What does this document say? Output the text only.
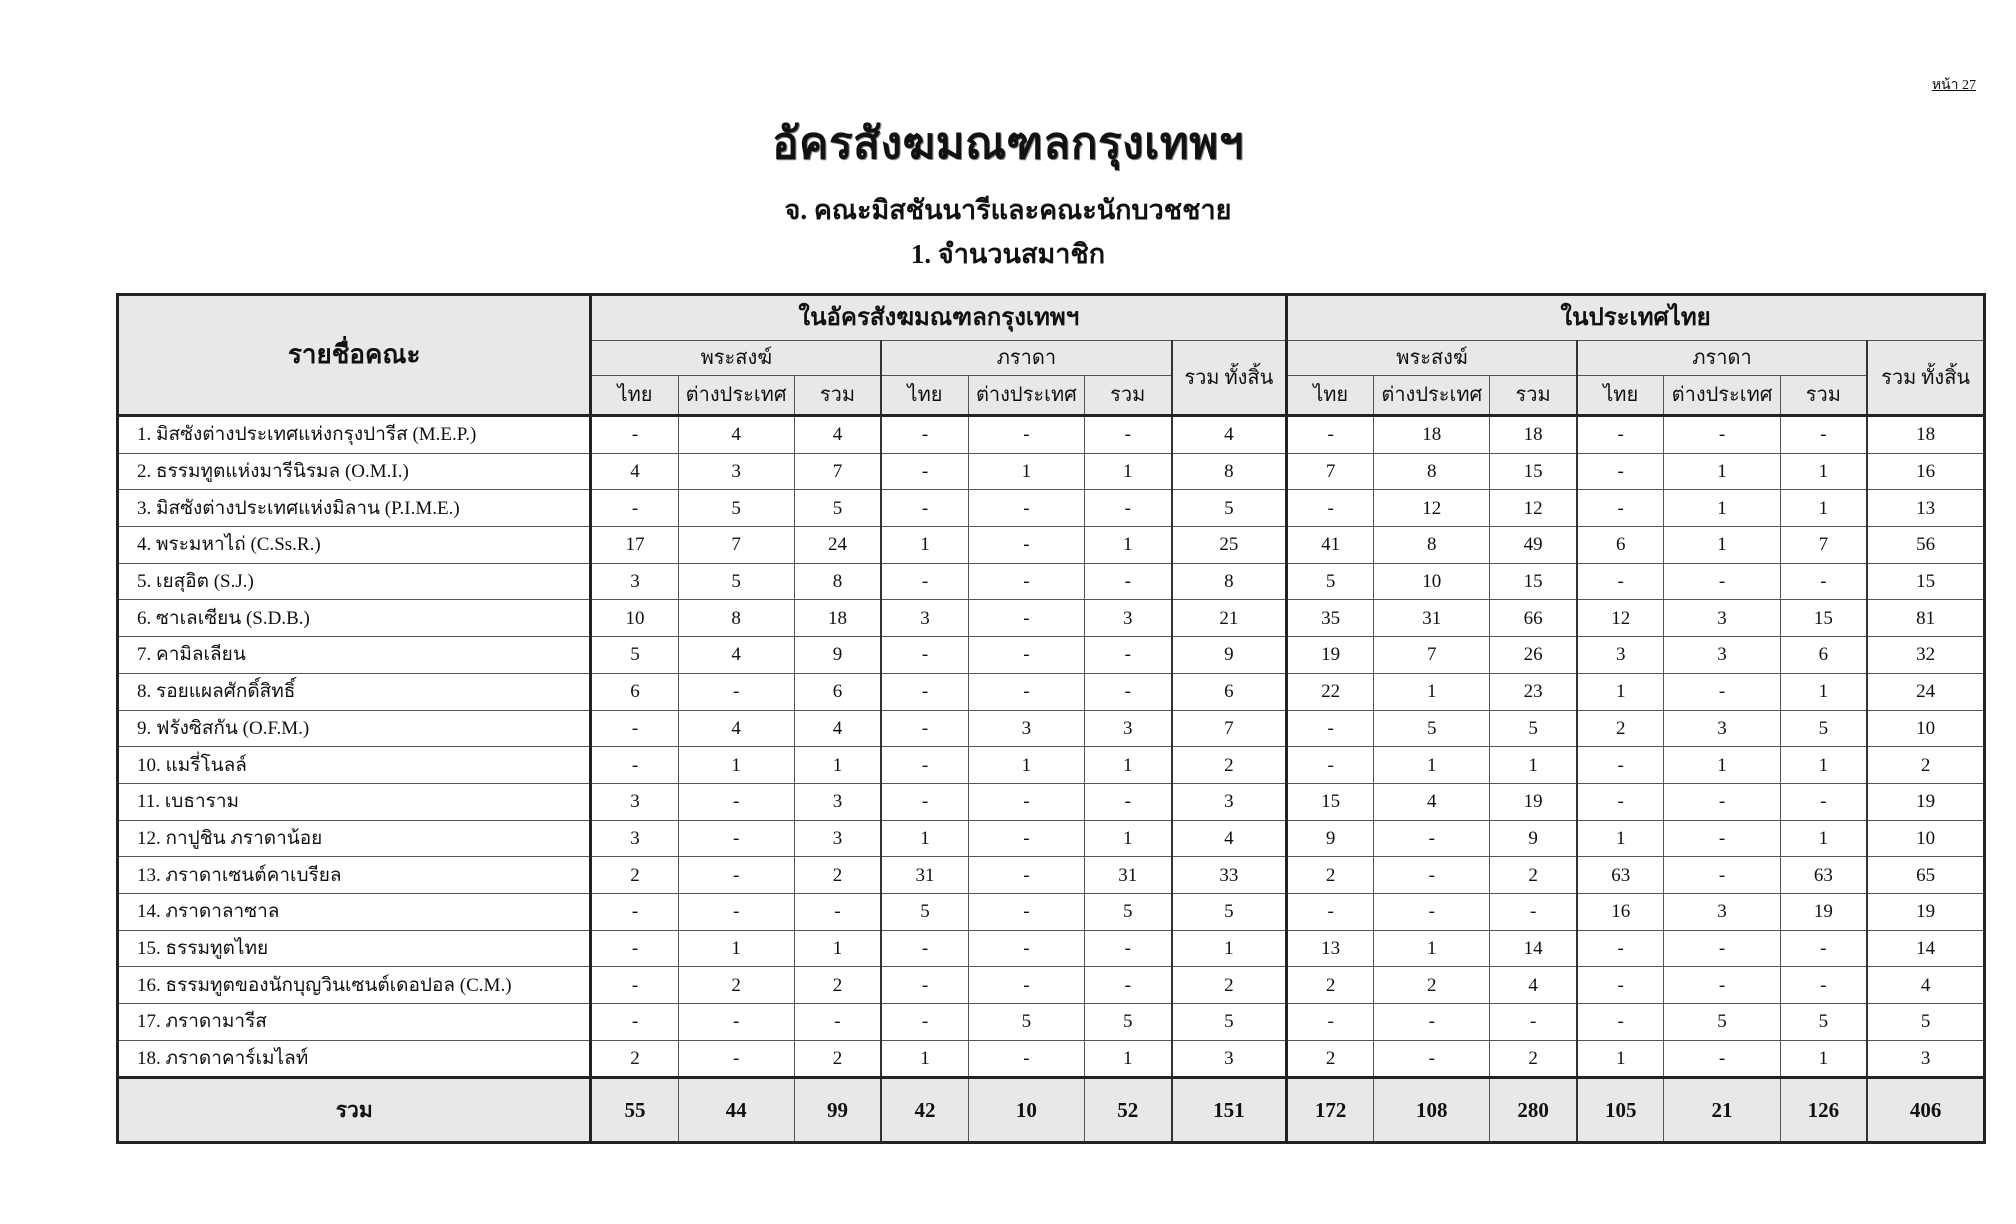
หน้า 27
อัครสังฆมณฑลกรุงเทพฯ
จ. คณะมิสชันนารีและคณะนักบวชชาย
1. จำนวนสมาชิก
รายชื่อคณะ	ในอัครสังฆมณฑลกรุงเทพฯ							ในประเทศไทย						
	พระสงฆ์			ภราดา			รวม ทั้งสิ้น	พระสงฆ์			ภราดา			รวม ทั้งสิ้น
	ไทย	ต่างประเทศ	รวม	ไทย	ต่างประเทศ	รวม		ไทย	ต่างประเทศ	รวม	ไทย	ต่างประเทศ	รวม	
1. มิสซังต่างประเทศแห่งกรุงปารีส (M.E.P.)	-	4	4	-	-	-	4	-	18	18	-	-	-	18
2. ธรรมทูตแห่งมารีนิรมล (O.M.I.)	4	3	7	-	1	1	8	7	8	15	-	1	1	16
3. มิสซังต่างประเทศแห่งมิลาน (P.I.M.E.)	-	5	5	-	-	-	5	-	12	12	-	1	1	13
4. พระมหาไถ่ (C.Ss.R.)	17	7	24	1	-	1	25	41	8	49	6	1	7	56
5. เยสุอิต (S.J.)	3	5	8	-	-	-	8	5	10	15	-	-	-	15
6. ซาเลเซียน (S.D.B.)	10	8	18	3	-	3	21	35	31	66	12	3	15	81
7. คามิลเลียน	5	4	9	-	-	-	9	19	7	26	3	3	6	32
8. รอยแผลศักดิ์สิทธิ์	6	-	6	-	-	-	6	22	1	23	1	-	1	24
9. ฟรังซิสกัน (O.F.M.)	-	4	4	-	3	3	7	-	5	5	2	3	5	10
10. แมรี่โนลล์	-	1	1	-	1	1	2	-	1	1	-	1	1	2
11. เบธาราม	3	-	3	-	-	-	3	15	4	19	-	-	-	19
12. กาปูชิน ภราดาน้อย	3	-	3	1	-	1	4	9	-	9	1	-	1	10
13. ภราดาเซนต์คาเบรียล	2	-	2	31	-	31	33	2	-	2	63	-	63	65
14. ภราดาลาซาล	-	-	-	5	-	5	5	-	-	-	16	3	19	19
15. ธรรมทูตไทย	-	1	1	-	-	-	1	13	1	14	-	-	-	14
16. ธรรมทูตของนักบุญวินเซนต์เดอปอล (C.M.)	-	2	2	-	-	-	2	2	2	4	-	-	-	4
17. ภราดามารีส	-	-	-	-	5	5	5	-	-	-	-	5	5	5
18. ภราดาคาร์เมไลท์	2	-	2	1	-	1	3	2	-	2	1	-	1	3
รวม	55	44	99	42	10	52	151	172	108	280	105	21	126	406
